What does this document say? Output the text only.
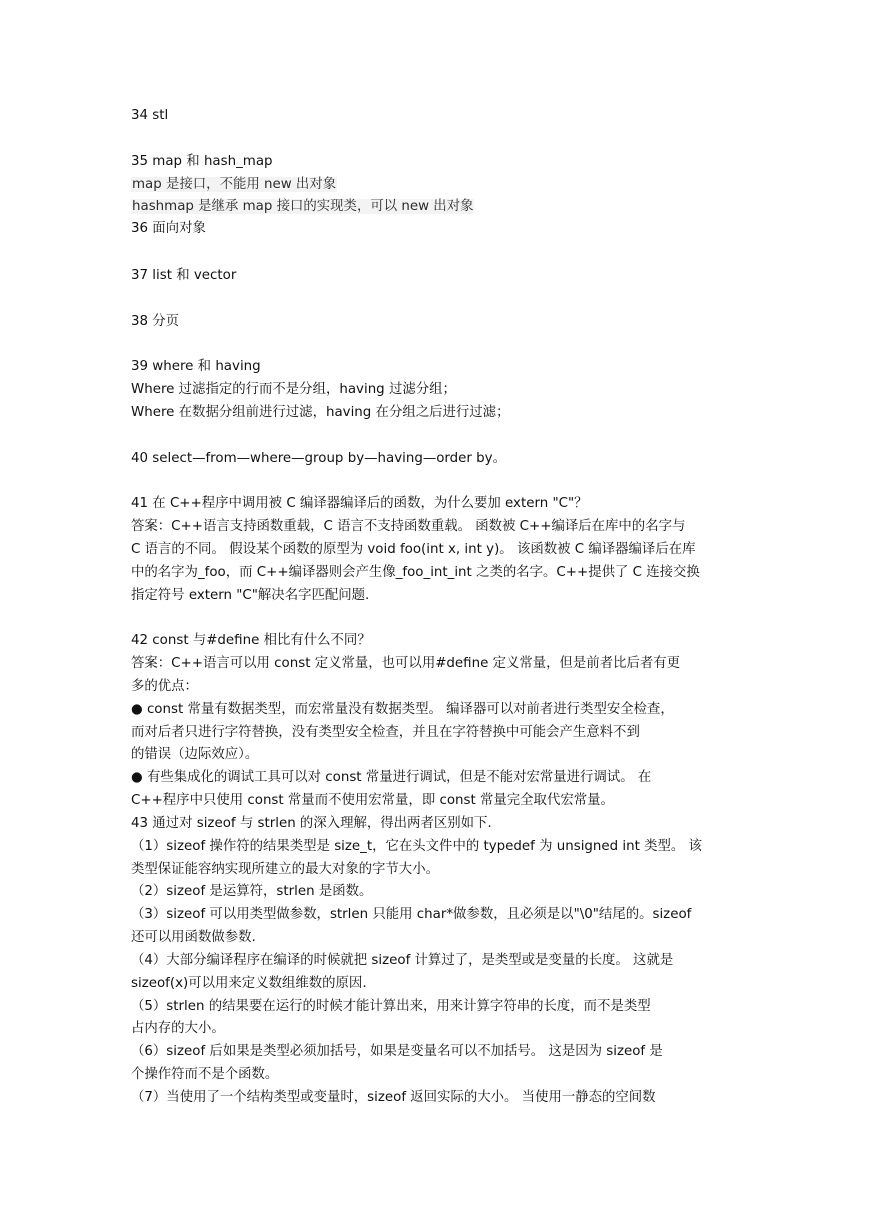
34 stl
35 map 和 hash_map
map 是接口，不能用 new 出对象
hashmap 是继承 map 接口的实现类，可以 new 出对象
36 面向对象
37 list 和 vector
38 分页
39 where 和 having
Where 过滤指定的行而不是分组，having 过滤分组；
Where 在数据分组前进行过滤，having 在分组之后进行过滤；
40 select—from—where—group by—having—order by。
41 在 C++程序中调用被 C 编译器编译后的函数，为什么要加 extern "C"？
答案：C++语言支持函数重载，C 语言不支持函数重载。 函数被 C++编译后在库中的名字与
C 语言的不同。 假设某个函数的原型为 void foo(int x, int y)。 该函数被 C 编译器编译后在库
中的名字为_foo，而 C++编译器则会产生像_foo_int_int 之类的名字。C++提供了 C 连接交换
指定符号 extern "C"解决名字匹配问题.
42 const 与#define 相比有什么不同？
答案：C++语言可以用 const 定义常量，也可以用#define 定义常量，但是前者比后者有更
多的优点：
● const 常量有数据类型，而宏常量没有数据类型。 编译器可以对前者进行类型安全检查，
而对后者只进行字符替换，没有类型安全检查，并且在字符替换中可能会产生意料不到
的错误（边际效应）。
● 有些集成化的调试工具可以对 const 常量进行调试，但是不能对宏常量进行调试。 在
C++程序中只使用 const 常量而不使用宏常量，即 const 常量完全取代宏常量。
43 通过对 sizeof 与 strlen 的深入理解，得出两者区别如下.
（1）sizeof 操作符的结果类型是 size_t，它在头文件中的 typedef 为 unsigned int 类型。 该
类型保证能容纳实现所建立的最大对象的字节大小。
（2）sizeof 是运算符，strlen 是函数。
（3）sizeof 可以用类型做参数，strlen 只能用 char*做参数，且必须是以"\0"结尾的。sizeof
还可以用函数做参数.
（4）大部分编译程序在编译的时候就把 sizeof 计算过了，是类型或是变量的长度。 这就是
sizeof(x)可以用来定义数组维数的原因.
（5）strlen 的结果要在运行的时候才能计算出来，用来计算字符串的长度，而不是类型
占内存的大小。
（6）sizeof 后如果是类型必须加括号，如果是变量名可以不加括号。 这是因为 sizeof 是
个操作符而不是个函数。
（7）当使用了一个结构类型或变量时，sizeof 返回实际的大小。 当使用一静态的空间数
